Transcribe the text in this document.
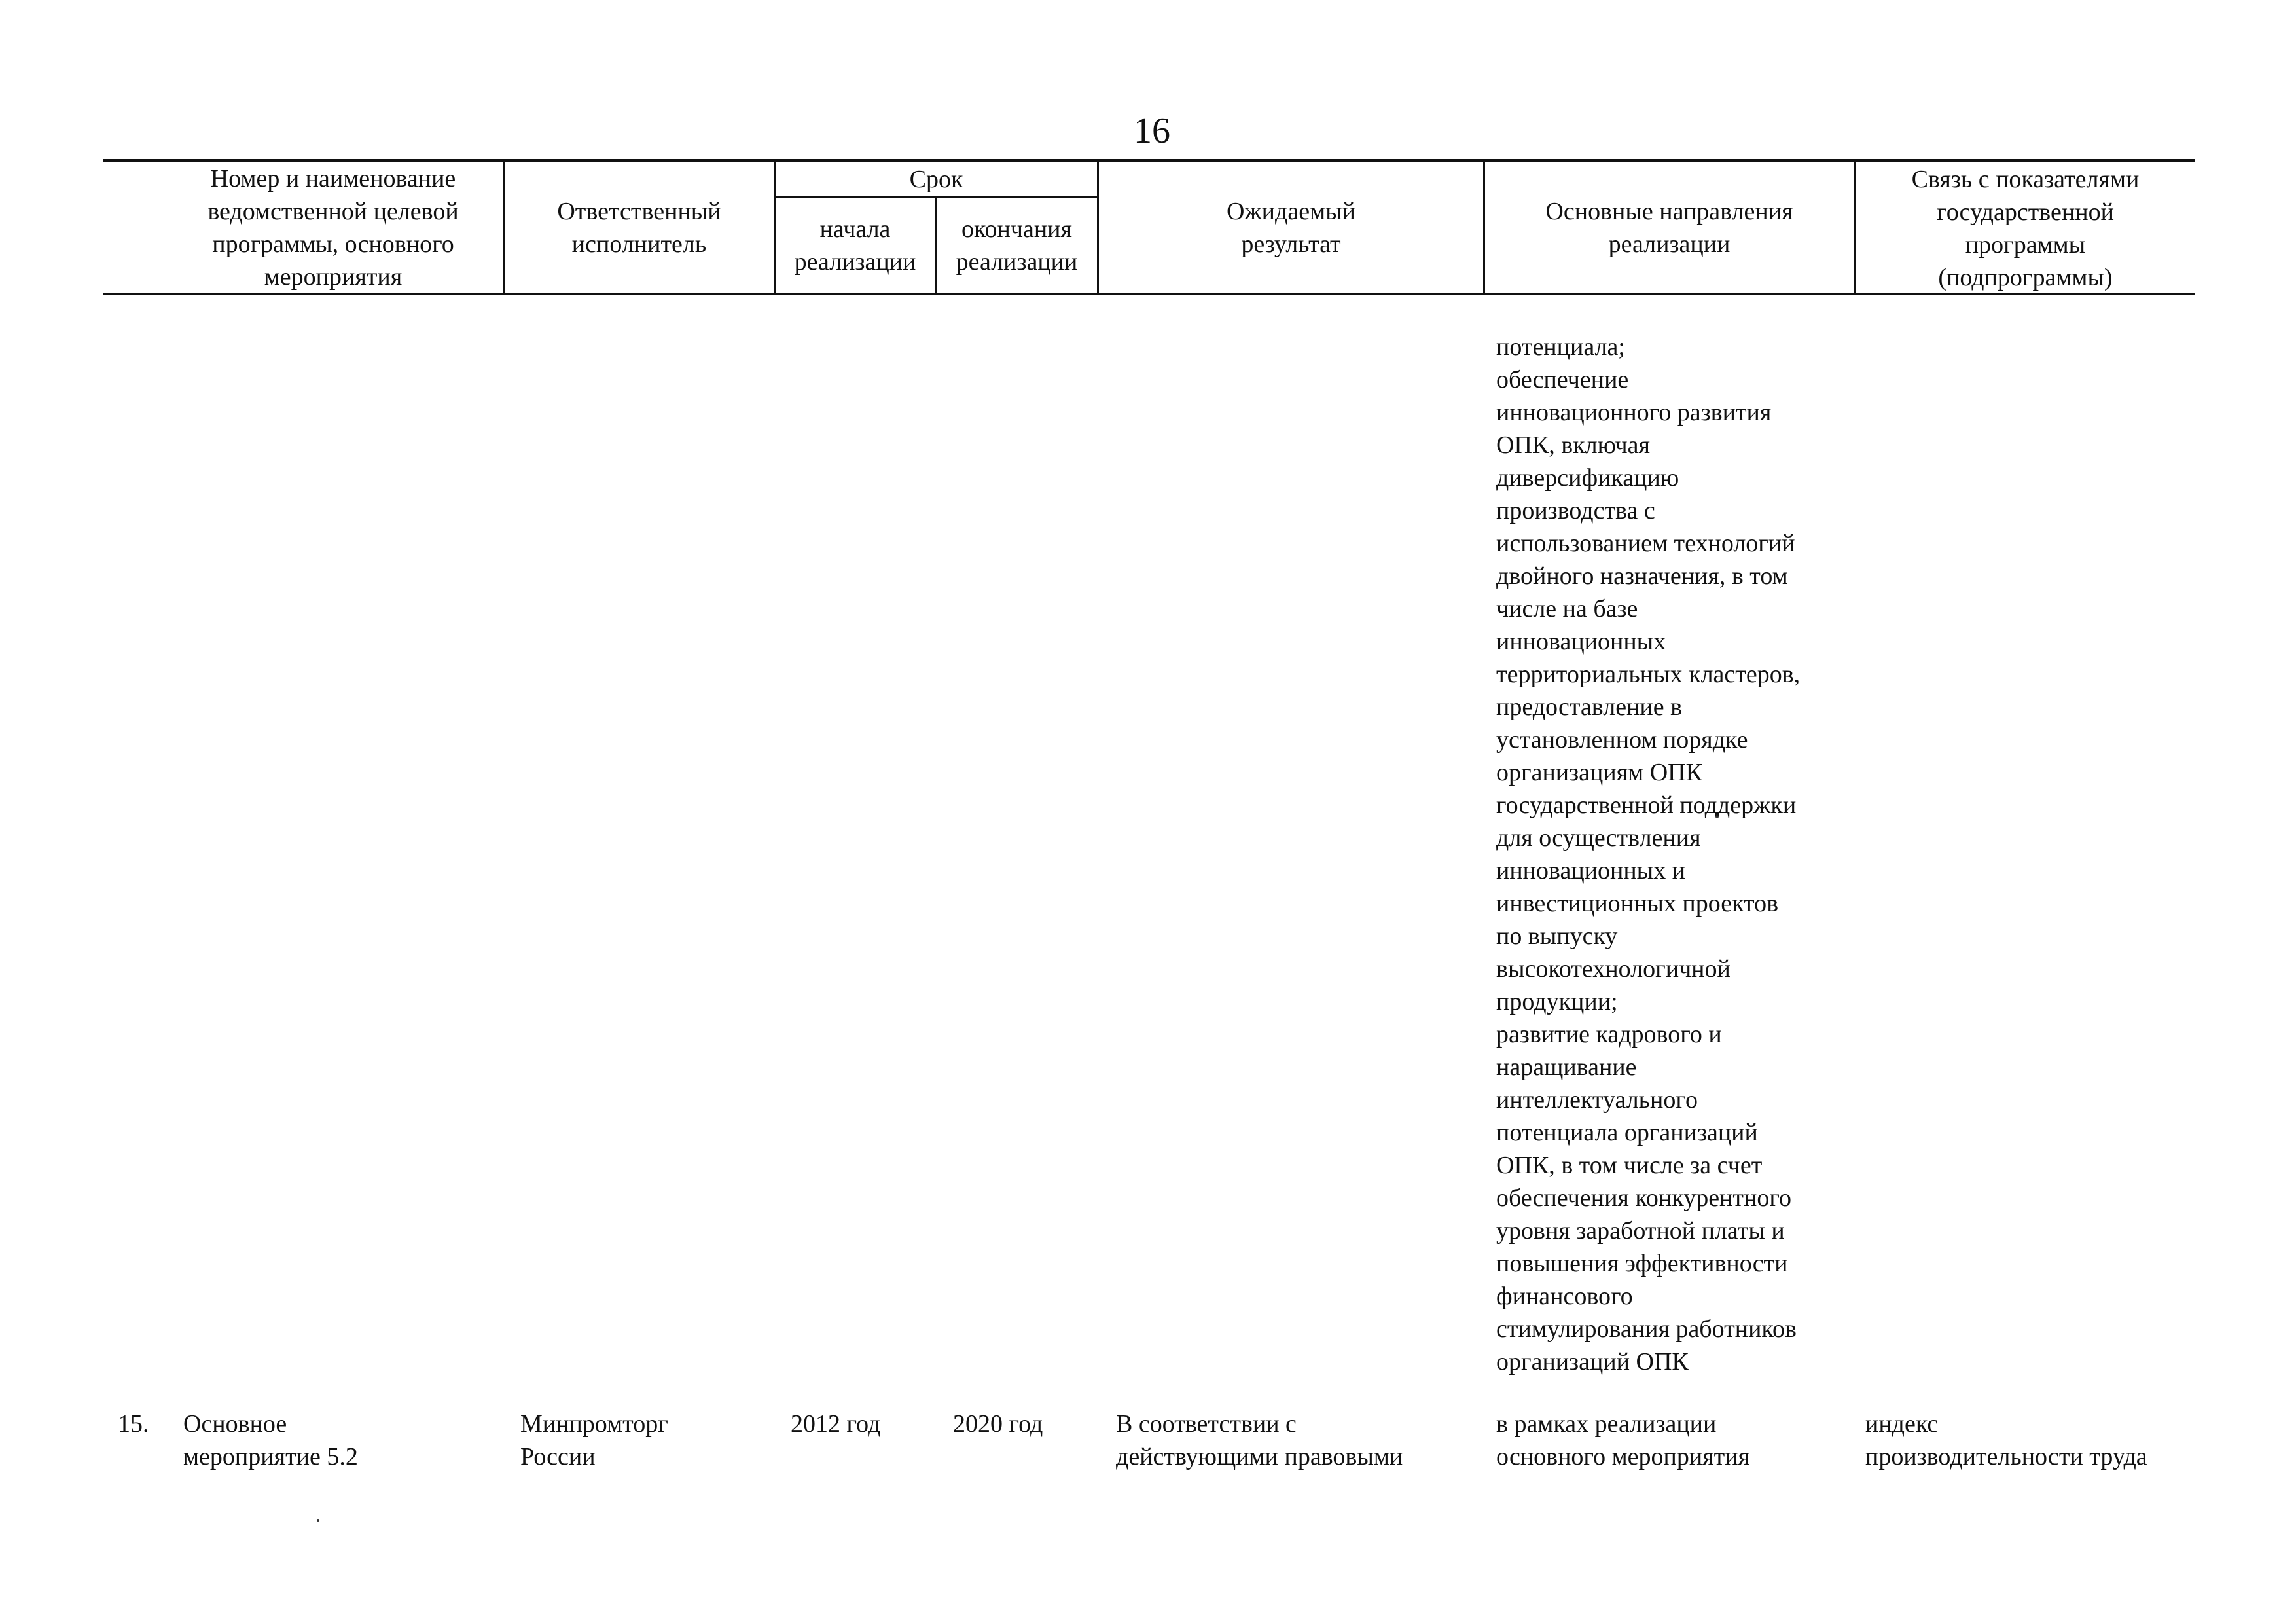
16
Номер и наименование
ведомственной целевой
программы, основного
мероприятия
Ответственный
исполнитель
Срок
начала
реализации
окончания
реализации
Ожидаемый
результат
Основные направления
реализации
Связь с показателями
государственной
программы
(подпрограммы)
потенциала;
обеспечение
инновационного развития
ОПК, включая
диверсификацию
производства с
использованием технологий
двойного назначения, в том
числе на базе
инновационных
территориальных кластеров,
предоставление в
установленном порядке
организациям ОПК
государственной поддержки
для осуществления
инновационных и
инвестиционных проектов
по выпуску
высокотехнологичной
продукции;
развитие кадрового и
наращивание
интеллектуального
потенциала организаций
ОПК, в том числе за счет
обеспечения конкурентного
уровня заработной платы и
повышения эффективности
финансового
стимулирования работников
организаций ОПК
15. Основное
мероприятие 5.2
Минпромторг
России
2012 год	2020 год	В соответствии с
действующими правовыми
в рамках реализации
основного мероприятия
индекс
производительности труда
